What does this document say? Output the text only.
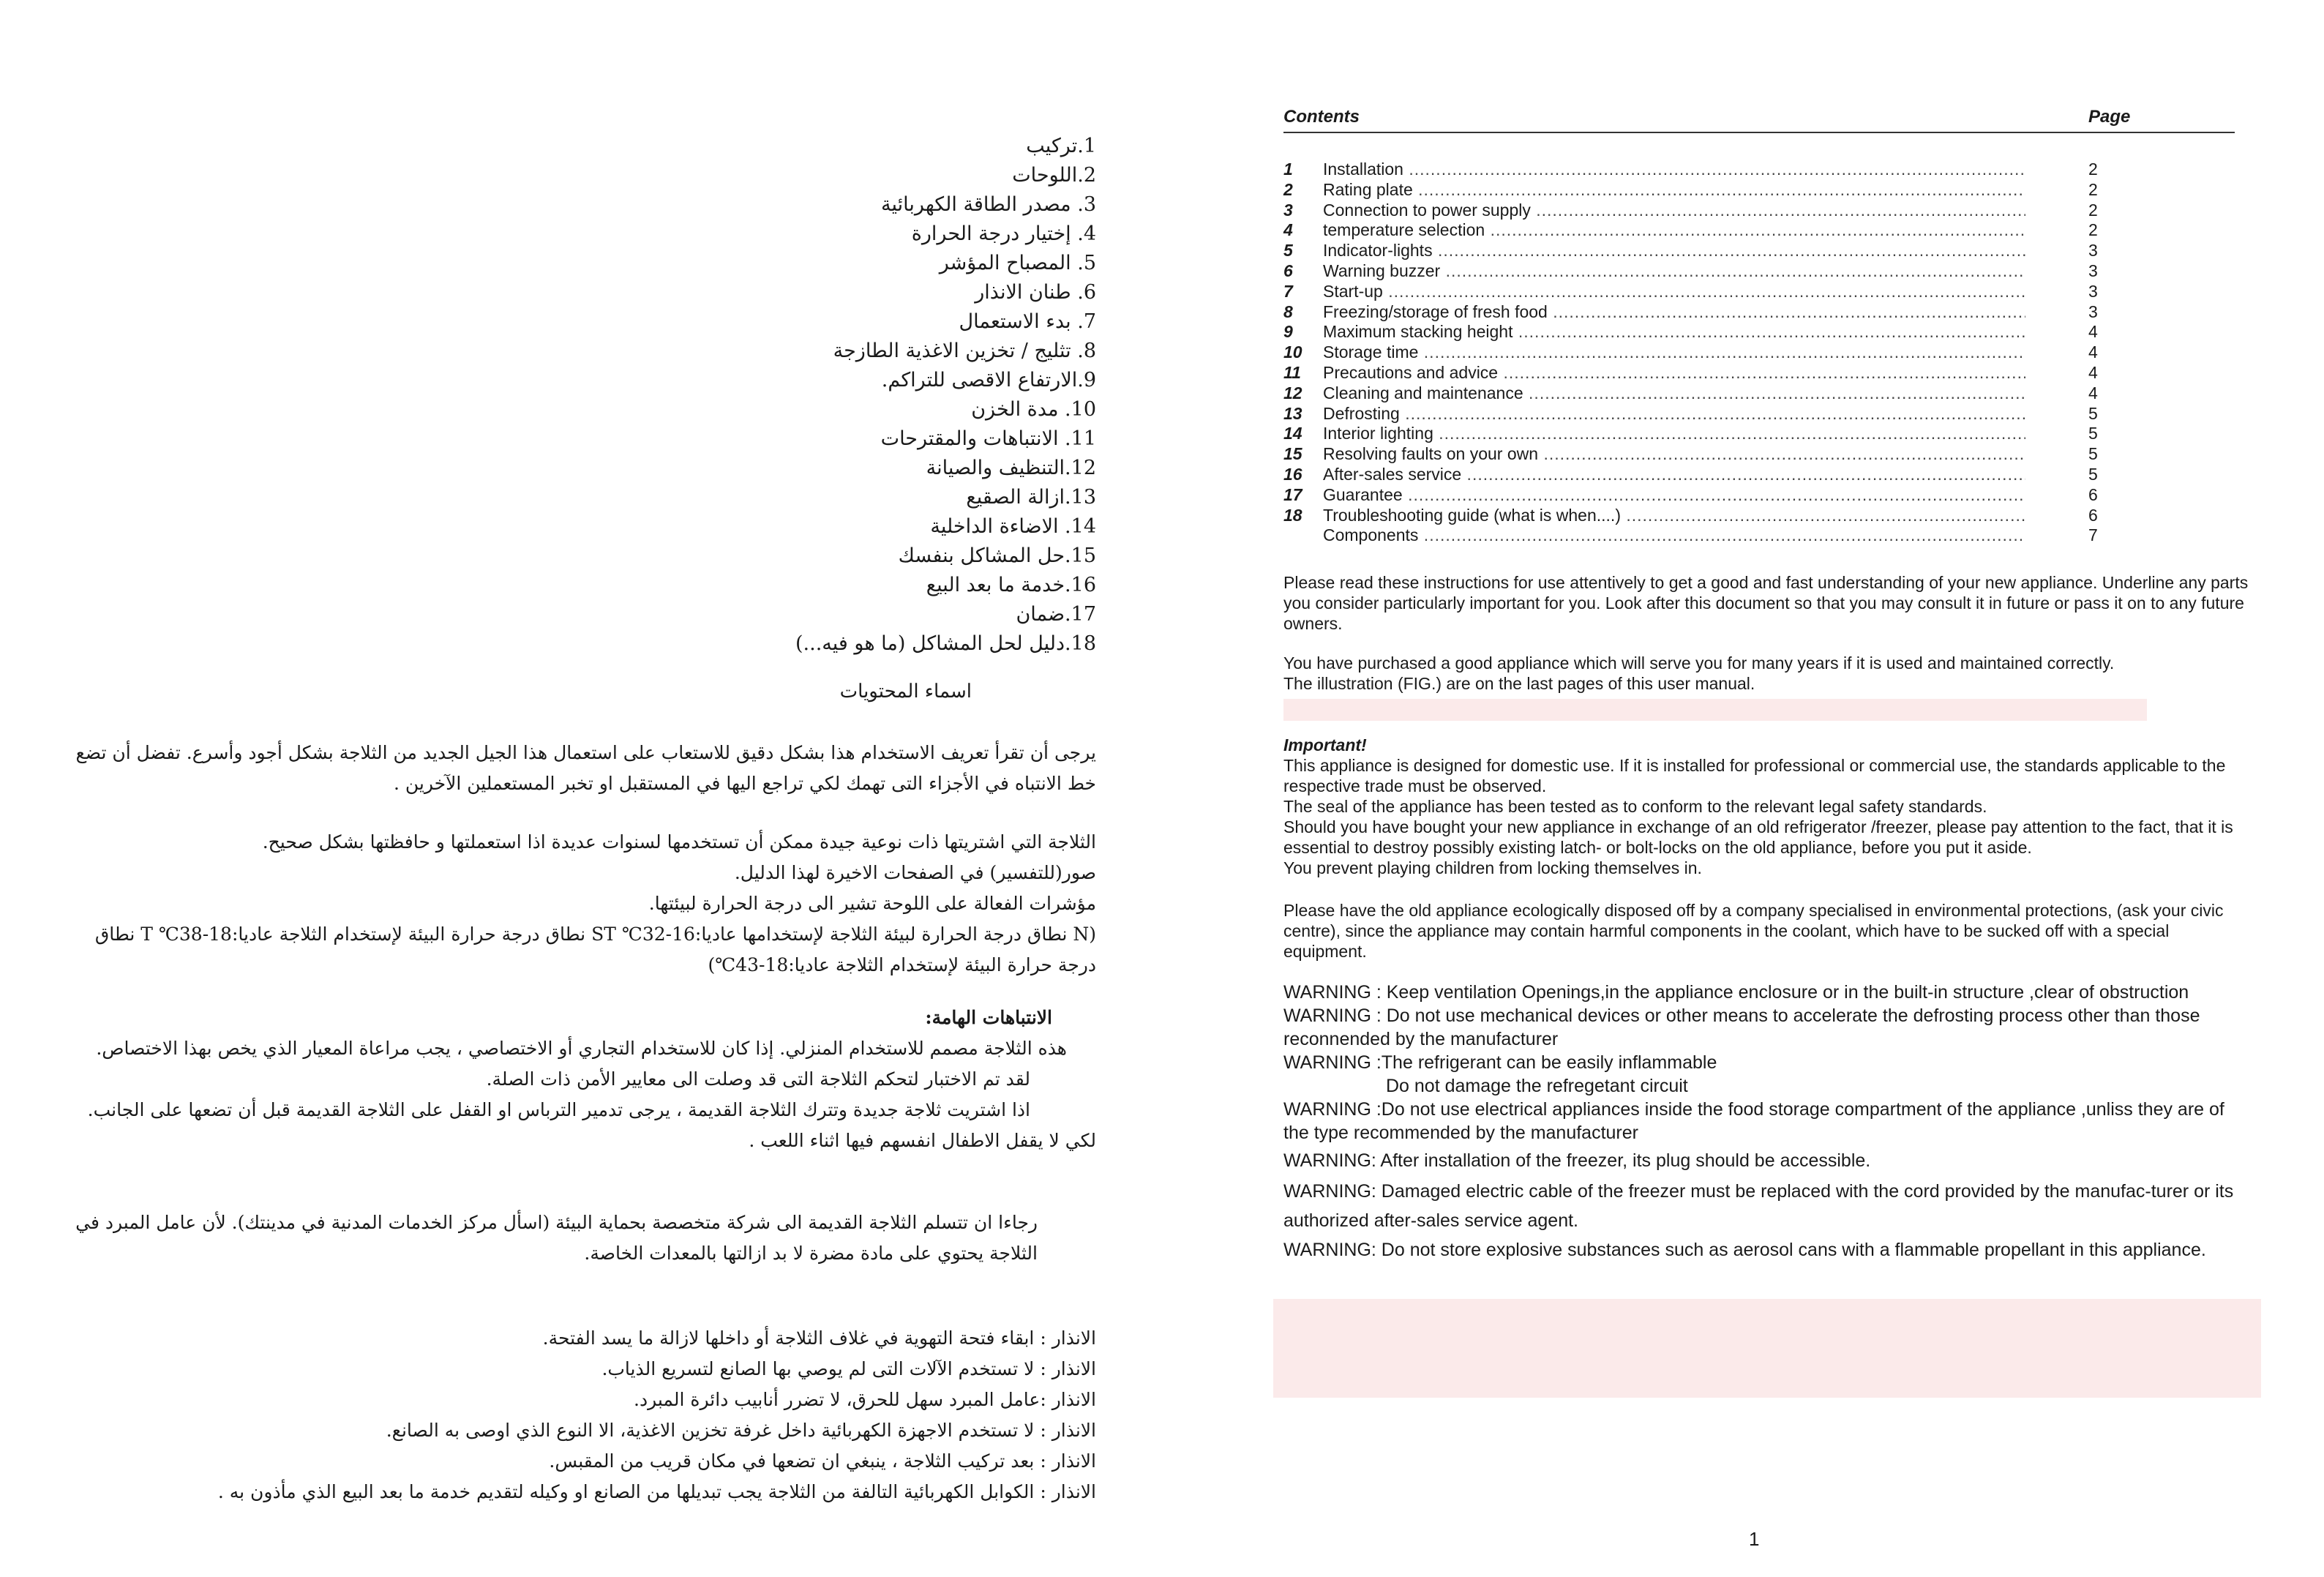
1.تركيب
2.اللوحات
3. مصدر الطاقة الكهربائية
4. إختيار درجة الحرارة
5. المصباح المؤشر
6. طنان الانذار
7. بدء الاستعمال
8. تثليج / تخزين الاغذية الطازجة
9.الارتفاع الاقصى للتراكم.
10. مدة الخزن
11. الانتباهات والمقترحات
12.التنظيف والصيانة
13.ازالة الصقيع
14. الاضاءة الداخلية
15.حل المشاكل بنفسك
16.خدمة ما بعد البيع
17.ضمان
18.دليل لحل المشاكل (ما هو فيه...)
اسماء المحتويات

يرجى أن تقرأ تعريف الاستخدام هذا بشكل دقيق للاستعاب على استعمال هذا الجيل الجديد من الثلاجة بشكل أجود وأسرع. تفضل أن تضع خط الانتباه في الأجزاء التى تهمك لكي تراجع اليها في المستقبل او تخبر المستعملين الآخرين .

الثلاجة التي اشتريتها ذات نوعية جيدة ممكن أن تستخدمها لسنوات عديدة اذا استعملتها و حافظتها بشكل صحيح.

صور(للتفسير) في الصفحات الاخيرة لهذا الدليل.

مؤشرات الفعالة على اللوحة تشير الى درجة الحرارة لبيئتها.

(N نطاق درجة الحرارة لبيئة الثلاجة لإستخدامها عاديا:16-32℃ ST نطاق درجة حرارة البيئة لإستخدام الثلاجة عاديا:18-38℃ T نطاق

درجة حرارة البيئة لإستخدام الثلاجة عاديا:18-43℃)

الانتباهات الهامة:

هذه الثلاجة مصمم للاستخدام المنزلي. إذا كان للاستخدام التجاري أو الاختصاصي ، يجب مراعاة المعيار الذي يخص بهذا الاختصاص.

لقد تم الاختبار لتحكم الثلاجة التى قد وصلت الى معايير الأمن ذات الصلة.

اذا اشتريت ثلاجة جديدة وتترك الثلاجة القديمة ، يرجى تدمير الترباس او القفل على الثلاجة القديمة قبل أن تضعها على الجانب.

لكي لا يقفل الاطفال انفسهم فيها اثناء اللعب .

رجاءا ان تتسلم الثلاجة القديمة الى شركة متخصصة بحماية البيئة (اسأل مركز الخدمات المدنية في مدينتك). لأن عامل المبرد في الثلاجة يحتوي على مادة مضرة لا بد ازالتها بالمعدات الخاصة.

الانذار : ابقاء فتحة التهوية في غلاف الثلاجة أو داخلها لازالة ما يسد الفتحة.

الانذار : لا تستخدم الآلات التى لم يوصي بها الصانع لتسريع الذياب.

الانذار :عامل المبرد سهل للحرق، لا تضرر أنابيب دائرة المبرد.

الانذار : لا تستخدم الاجهزة الكهربائية داخل غرفة تخزين الاغذية، الا النوع الذي اوصى به الصانع.

الانذار : بعد تركيب الثلاجة ، ينبغي ان تضعها في مكان قريب من المقبس.

الانذار : الكوابل الكهربائية التالفة من الثلاجة يجب تبديلها من الصانع او وكيله لتقديم خدمة ما بعد البيع الذي مأذون به .

Contents	Page
1	Installation .....	2
2	Rating plate .....	2
3	Connection to power supply .....	2
4	temperature selection .....	2
5	Indicator-lights .....	3
6	Warning buzzer .....	3
7	Start-up .....	3
8	Freezing/storage of fresh food .....	3
9	Maximum stacking height .....	4
10	Storage time .....	4
11	Precautions and advice .....	4
12	Cleaning and maintenance .....	4
13	Defrosting .....	5
14	Interior lighting .....	5
15	Resolving faults on your own .....	5
16	After-sales service .....	5
17	Guarantee .....	6
18	Troubleshooting guide (what is when....) .....	6
Components .....	7

Please read these instructions for use attentively to get a good and fast understanding of your new appliance. Underline any parts you consider particularly important for you. Look after this document so that you may consult it in future or pass it on to any future owners.

You have purchased a good appliance which will serve you for many years if it is used and maintained correctly.

The illustration (FIG.) are on the last pages of this user manual.

Important!

This appliance is designed for domestic use. If it is installed for professional or commercial use, the standards applicable to the respective trade must be observed.

The seal of the appliance has been tested as to conform to the relevant legal safety standards.

Should you have bought your new appliance in exchange of an old refrigerator /freezer, please pay attention to the fact, that it is essential to destroy possibly existing latch- or bolt-locks on the old appliance, before you put it aside.

You prevent playing children from locking themselves in.

Please have the old appliance ecologically disposed off by a company specialised in environmental protections, (ask your civic centre), since the appliance may contain harmful components in the coolant, which have to be sucked off with a special equipment.

WARNING : Keep ventilation Openings,in the appliance enclosure or in the built-in structure ,clear of obstruction

WARNING : Do not use mechanical devices or other means to accelerate the defrosting process other than those reconnended by the manufacturer

WARNING :The refrigerant can be easily inflammable

Do not damage the refregetant circuit

WARNING :Do not use electrical appliances inside the food storage compartment of the appliance ,unliss they are of the type recommended by the manufacturer

WARNING: After installation of the freezer, its plug should be accessible.

WARNING: Damaged electric cable of the freezer must be replaced with the cord provided by the manufac-turer or its authorized after-sales service agent.

WARNING: Do not store explosive substances such as aerosol cans with a flammable propellant in this appliance.

1
